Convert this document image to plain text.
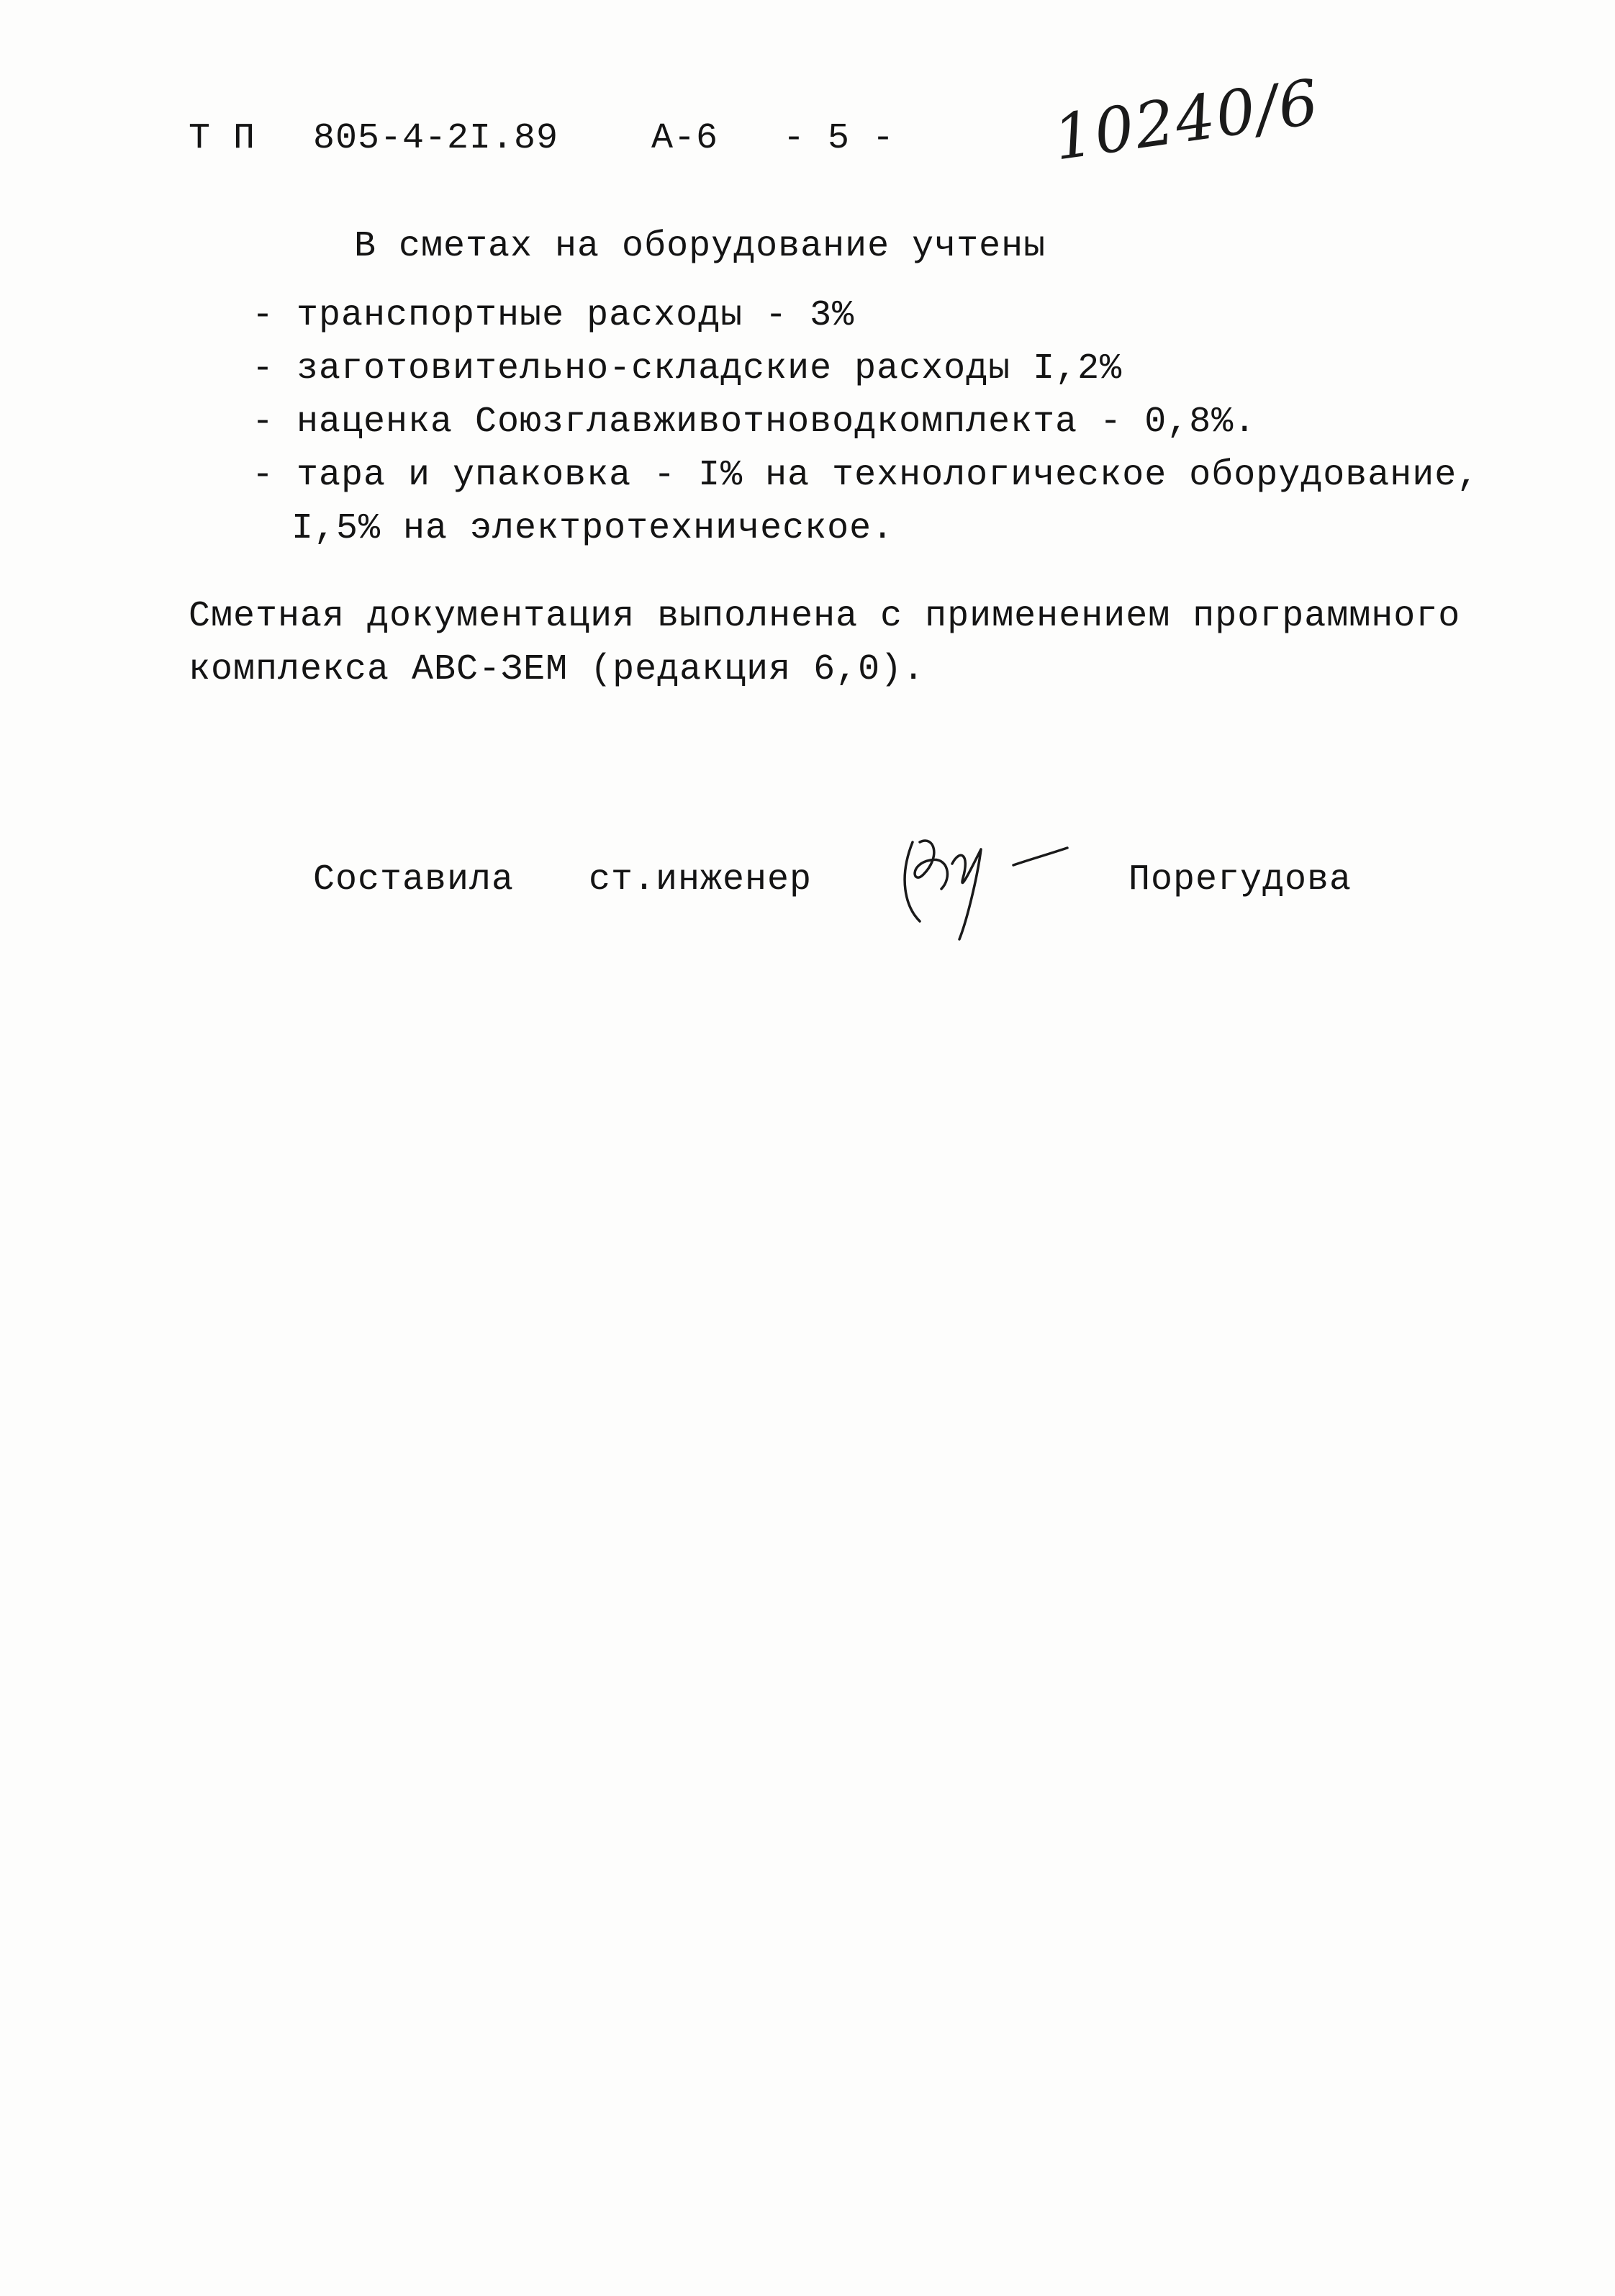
Т П 805-4-2I.89	А-6 - 5 -	10240/6
В сметах на оборудование учтены
- транспортные расходы - 3%
- заготовительно-складские расходы I,2%
- наценка Союзглавживотноводкомплекта - 0,8%.
- тара и упаковка - I% на технологическое оборудование,
I,5% на электротехническое.
Сметная документация выполнена с применением программного
комплекса АВС-ЗЕМ (редакция 6,0).
Составила ст.инженер	Порегудова
